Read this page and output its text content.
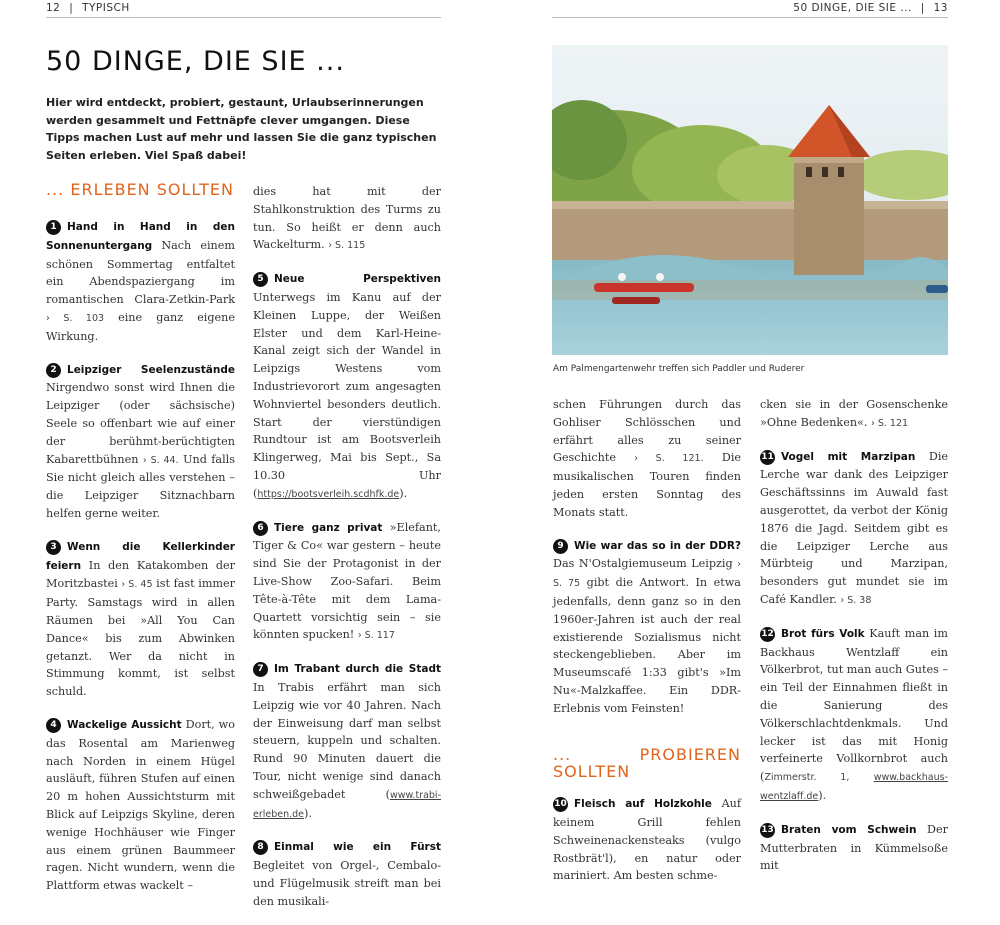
12 | TYPISCH
50 DINGE, DIE SIE ...
Hier wird entdeckt, probiert, gestaunt, Urlaubserinnerungen werden gesammelt und Fettnäpfe clever umgangen. Diese Tipps machen Lust auf mehr und lassen Sie die ganz typischen Seiten erleben. Viel Spaß dabei!
... ERLEBEN SOLLTEN

1 Hand in Hand in den Sonnenuntergang Nach einem schönen Sommertag entfaltet ein Abendspaziergang im romantischen Clara-Zetkin-Park › S. 103 eine ganz eigene Wirkung.

2 Leipziger Seelenzustände Nirgendwo sonst wird Ihnen die Leipziger (oder sächsische) Seele so offenbart wie auf einer der berühmt-berüchtigten Kabarettbühnen › S. 44. Und falls Sie nicht gleich alles verstehen – die Leipziger Sitznachbarn helfen gerne weiter.

3 Wenn die Kellerkinder feiern In den Katakomben der Moritzbastei › S. 45 ist fast immer Party. Samstags wird in allen Räumen bei »All You Can Dance« bis zum Abwinken getanzt. Wer da nicht in Stimmung kommt, ist selbst schuld.

4 Wackelige Aussicht Dort, wo das Rosental am Marienweg nach Norden in einem Hügel ausläuft, führen Stufen auf einen 20 m hohen Aussichtsturm mit Blick auf Leipzigs Skyline, deren wenige Hochhäuser wie Finger aus einem grünen Baummeer ragen. Nicht wundern, wenn die Plattform etwas wackelt –

dies hat mit der Stahlkonstruktion des Turms zu tun. So heißt er denn auch Wackelturm. › S. 115

5 Neue Perspektiven Unterwegs im Kanu auf der Kleinen Luppe, der Weißen Elster und dem Karl-Heine-Kanal zeigt sich der Wandel in Leipzigs Westens vom Industrievorort zum angesagten Wohnviertel besonders deutlich. Start der vierstündigen Rundtour ist am Bootsverleih Klingerweg, Mai bis Sept., Sa 10.30 Uhr (https://bootsverleih.scdhfk.de).

6 Tiere ganz privat »Elefant, Tiger & Co« war gestern – heute sind Sie der Protagonist in der Live-Show Zoo-Safari. Beim Tête-à-Tête mit dem Lama-Quartett vorsichtig sein – sie könnten spucken! › S. 117

7 Im Trabant durch die Stadt In Trabis erfährt man sich Leipzig wie vor 40 Jahren. Nach der Einweisung darf man selbst steuern, kuppeln und schalten. Rund 90 Minuten dauert die Tour, nicht wenige sind danach schweißgebadet (www.trabi-erleben.de).

8 Einmal wie ein Fürst Begleitet von Orgel-, Cembalo- und Flügelmusik streift man bei den musikali-

50 DINGE, DIE SIE ... | 13
Am Palmengartenwehr treffen sich Paddler und Ruderer

schen Führungen durch das Gohliser Schlösschen und erfährt alles zu seiner Geschichte › S. 121. Die musikalischen Touren finden jeden ersten Sonntag des Monats statt.

9 Wie war das so in der DDR? Das N'Ostalgiemuseum Leipzig › S. 75 gibt die Antwort. In etwa jedenfalls, denn ganz so in den 1960er-Jahren ist auch der real existierende Sozialismus nicht steckengeblieben. Aber im Museumscafé 1:33 gibt's »Im Nu«-Malzkaffee. Ein DDR-Erlebnis vom Feinsten!

... PROBIEREN SOLLTEN

10 Fleisch auf Holzkohle Auf keinem Grill fehlen Schweinenackensteaks (vulgo Rostbrät'l), en natur oder mariniert. Am besten schme-

cken sie in der Gosenschenke »Ohne Bedenken«. › S. 121

11 Vogel mit Marzipan Die Lerche war dank des Leipziger Geschäftssinns im Auwald fast ausgerottet, da verbot der König 1876 die Jagd. Seitdem gibt es die Leipziger Lerche aus Mürbteig und Marzipan, besonders gut mundet sie im Café Kandler. › S. 38

12 Brot fürs Volk Kauft man im Backhaus Wentzlaff ein Völkerbrot, tut man auch Gutes – ein Teil der Einnahmen fließt in die Sanierung des Völkerschlachtdenkmals. Und lecker ist das mit Honig verfeinerte Vollkornbrot auch (Zimmerstr. 1,	www.backhaus-wentzlaff.de).

13 Braten vom Schwein Der Mutterbraten in Kümmelsoße mit
